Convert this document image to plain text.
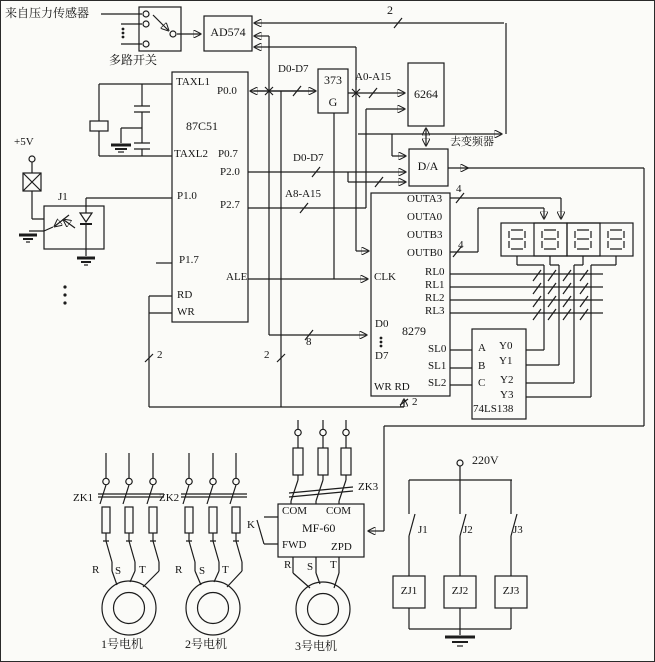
来自压力传感器
多路开关
AD574
2
TAXL1
P0.0
87C51
TAXL2 P0.7
P2.0
P1.0
P2.7
P1.7
ALE
RD
WR
D0-D7
373
G
A0-A15
6264
D0-D7
A8-A15
去变频器
D/A
OUTA3
OUTA0
OUTB3
OUTB0
4
4
CLK	RL0
RL1
RL2
RL3
D0 8279
D7
SL0
SL1
SL2
WR RD
2
A
B
C
Y0
Y1
Y2
Y3
74LS138
8
2	2
+5V
J1
ZK1	ZK2
ZK3
R S T	R S T	R S T
1号电机	2号电机	3号电机
COM COM
MF-60
FWD ZPD
K
220V
J1	J2	J3
ZJ1	ZJ2	ZJ3
